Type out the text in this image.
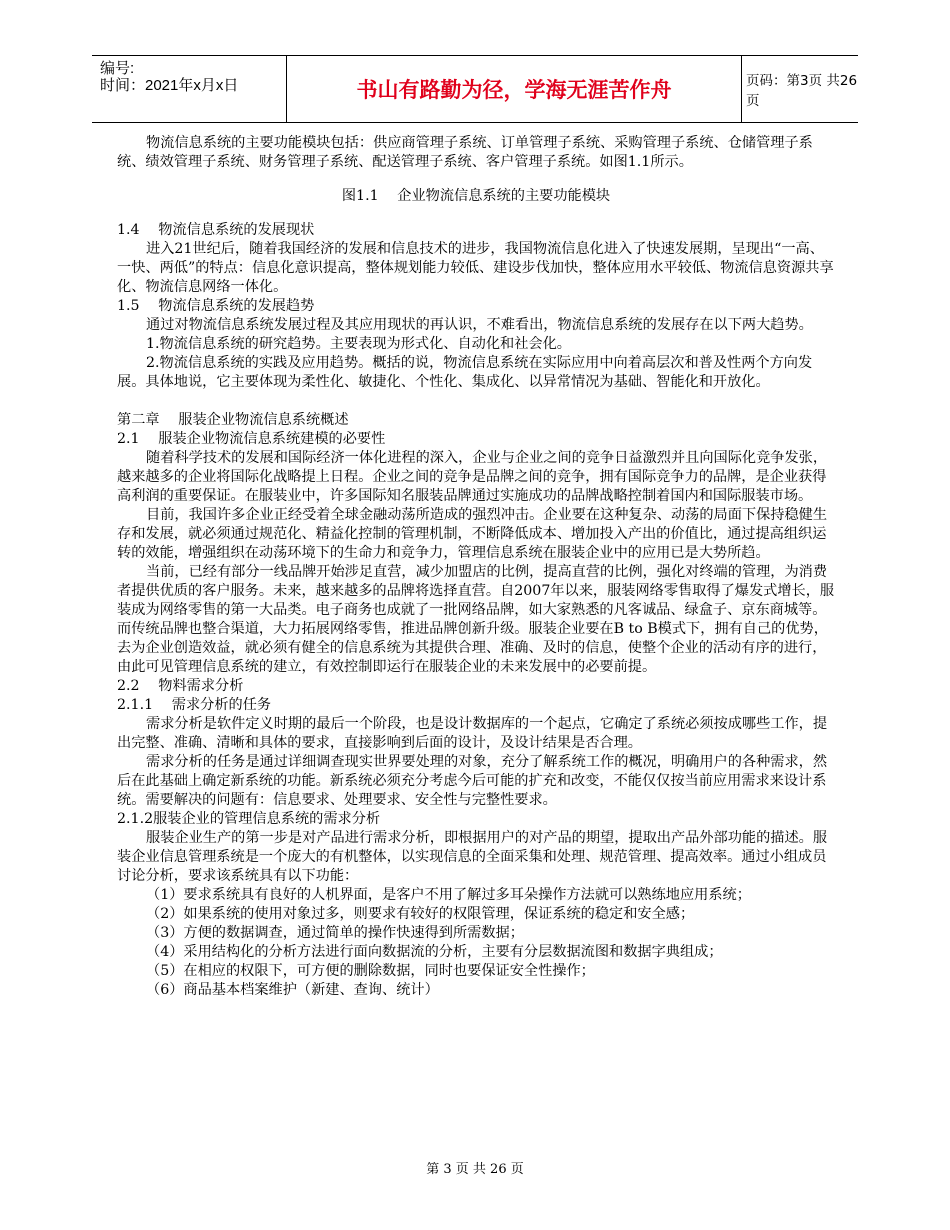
编号:
时间：2021年x月x日	书山有路勤为径，学海无涯苦作舟	页码：第3页 共26页

物流信息系统的主要功能模块包括：供应商管理子系统、订单管理子系统、采购管理子系统、仓储管理子系统、绩效管理子系统、财务管理子系统、配送管理子系统、客户管理子系统。如图1.1所示。

图1.1　 企业物流信息系统的主要功能模块

1.4　 物流信息系统的发展现状

进入21世纪后，随着我国经济的发展和信息技术的进步，我国物流信息化进入了快速发展期，呈现出“一高、一快、两低”的特点：信息化意识提高，整体规划能力较低、建设步伐加快，整体应用水平较低、物流信息资源共享化、物流信息网络一体化。

1.5　 物流信息系统的发展趋势

通过对物流信息系统发展过程及其应用现状的再认识，不难看出，物流信息系统的发展存在以下两大趋势。

1.物流信息系统的研究趋势。主要表现为形式化、自动化和社会化。

2.物流信息系统的实践及应用趋势。概括的说，物流信息系统在实际应用中向着高层次和普及性两个方向发展。具体地说，它主要体现为柔性化、敏捷化、个性化、集成化、以异常情况为基础、智能化和开放化。

第二章　 服装企业物流信息系统概述

2.1　 服装企业物流信息系统建模的必要性

随着科学技术的发展和国际经济一体化进程的深入，企业与企业之间的竞争日益激烈并且向国际化竞争发张，越来越多的企业将国际化战略提上日程。企业之间的竞争是品牌之间的竞争，拥有国际竞争力的品牌，是企业获得高利润的重要保证。在服装业中，许多国际知名服装品牌通过实施成功的品牌战略控制着国内和国际服装市场。

目前，我国许多企业正经受着全球金融动荡所造成的强烈冲击。企业要在这种复杂、动荡的局面下保持稳健生存和发展，就必须通过规范化、精益化控制的管理机制，不断降低成本、增加投入产出的价值比，通过提高组织运转的效能，增强组织在动荡环境下的生命力和竞争力，管理信息系统在服装企业中的应用已是大势所趋。

当前，已经有部分一线品牌开始涉足直营，减少加盟店的比例，提高直营的比例，强化对终端的管理，为消费者提供优质的客户服务。未来，越来越多的品牌将选择直营。自2007年以来，服装网络零售取得了爆发式增长，服装成为网络零售的第一大品类。电子商务也成就了一批网络品牌，如大家熟悉的凡客诚品、绿盒子、京东商城等。而传统品牌也整合渠道，大力拓展网络零售，推进品牌创新升级。服装企业要在B to B模式下，拥有自己的优势，去为企业创造效益，就必须有健全的信息系统为其提供合理、准确、及时的信息，使整个企业的活动有序的进行，由此可见管理信息系统的建立，有效控制即运行在服装企业的未来发展中的必要前提。

2.2　 物料需求分析

2.1.1　 需求分析的任务

需求分析是软件定义时期的最后一个阶段，也是设计数据库的一个起点，它确定了系统必须按成哪些工作，提出完整、准确、清晰和具体的要求，直接影响到后面的设计，及设计结果是否合理。

需求分析的任务是通过详细调查现实世界要处理的对象，充分了解系统工作的概况，明确用户的各种需求，然后在此基础上确定新系统的功能。新系统必须充分考虑今后可能的扩充和改变，不能仅仅按当前应用需求来设计系统。需要解决的问题有：信息要求、处理要求、安全性与完整性要求。

2.1.2服装企业的管理信息系统的需求分析

服装企业生产的第一步是对产品进行需求分析，即根据用户的对产品的期望，提取出产品外部功能的描述。服装企业信息管理系统是一个庞大的有机整体，以实现信息的全面采集和处理、规范管理、提高效率。通过小组成员讨论分析，要求该系统具有以下功能：

（1）要求系统具有良好的人机界面，是客户不用了解过多耳朵操作方法就可以熟练地应用系统；

（2）如果系统的使用对象过多，则要求有较好的权限管理，保证系统的稳定和安全感；

（3）方便的数据调查，通过简单的操作快速得到所需数据；

（4）采用结构化的分析方法进行面向数据流的分析，主要有分层数据流图和数据字典组成；

（5）在相应的权限下，可方便的删除数据，同时也要保证安全性操作；

（6）商品基本档案维护（新建、查询、统计）

第 3 页 共 26 页
